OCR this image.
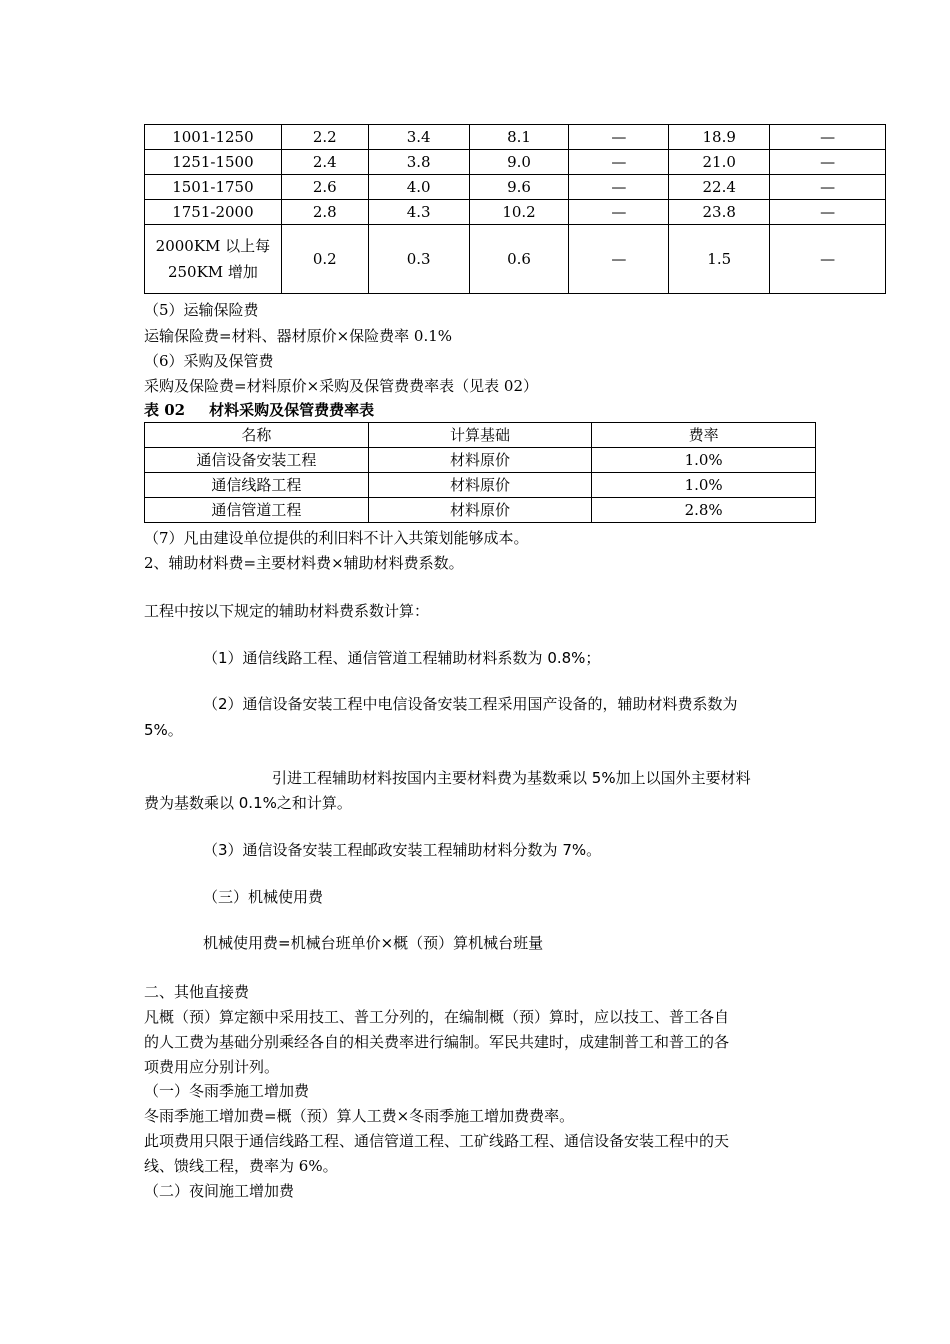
1001-1250	2.2	3.4	8.1	—	18.9	—
1251-1500	2.4	3.8	9.0	—	21.0	—
1501-1750	2.6	4.0	9.6	—	22.4	—
1751-2000	2.8	4.3	10.2	—	23.8	—

2000KM 以上每
250KM 增加	0.2	0.3	0.6	—	1.5	—
（5）运输保险费
运输保险费=材料、器材原价×保险费率 0.1%
（6）采购及保管费
采购及保险费=材料原价×采购及保管费费率表（见表 02）
表 02 材料采购及保管费费率表
名称	计算基础	费率
通信设备安装工程	材料原价	1.0%
通信线路工程	材料原价	1.0%
通信管道工程	材料原价	2.8%
（7）凡由建设单位提供的利旧料不计入共策划能够成本。
2、辅助材料费=主要材料费×辅助材料费系数。
工程中按以下规定的辅助材料费系数计算：
（1）通信线路工程、通信管道工程辅助材料系数为 0.8%；
（2）通信设备安装工程中电信设备安装工程采用国产设备的，辅助材料费系数为
5%。
引进工程辅助材料按国内主要材料费为基数乘以 5%加上以国外主要材料
费为基数乘以 0.1%之和计算。
（3）通信设备安装工程邮政安装工程辅助材料分数为 7%。
（三）机械使用费
机械使用费=机械台班单价×概（预）算机械台班量
二、其他直接费
凡概（预）算定额中采用技工、普工分列的，在编制概（预）算时，应以技工、普工各自
的人工费为基础分别乘经各自的相关费率进行编制。军民共建时，成建制普工和普工的各
项费用应分别计列。
（一）冬雨季施工增加费
冬雨季施工增加费=概（预）算人工费×冬雨季施工增加费费率。
此项费用只限于通信线路工程、通信管道工程、工矿线路工程、通信设备安装工程中的天
线、馈线工程，费率为 6%。
（二）夜间施工增加费
